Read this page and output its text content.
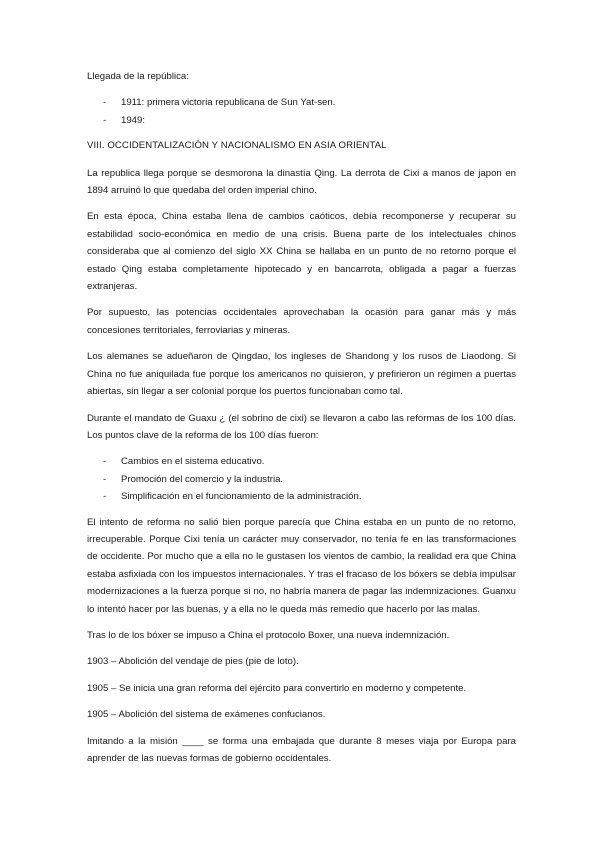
Llegada de la república:

- 1911: primera victoria republicana de Sun Yat-sen.
- 1949:

VIII. OCCIDENTALIZACIÓN Y NACIONALISMO EN ASIA ORIENTAL

La republica llega porque se desmorona la dinastía Qing. La derrota de Cixi a manos de japon en 1894 arruinó lo que quedaba del orden imperial chino.

En esta época, China estaba llena de cambios caóticos, debía recomponerse y recuperar su estabilidad socio-económica en medio de una crisis. Buena parte de los intelectuales chinos consideraba que al comienzo del siglo XX China se hallaba en un punto de no retorno porque el estado Qing estaba completamente hipotecado y en bancarrota, obligada a pagar a fuerzas extranjeras.

Por supuesto, las potencias occidentales aprovechaban la ocasión para ganar más y más concesiones territoriales, ferroviarias y mineras.

Los alemanes se adueñaron de Qingdao, los ingleses de Shandong y los rusos de Liaodong. Si China no fue aniquilada fue porque los americanos no quisieron, y prefirieron un régimen a puertas abiertas, sin llegar a ser colonial porque los puertos funcionaban como tal.

Durante el mandato de Guaxu ¿ (el sobrino de cixi) se llevaron a cabo las reformas de los 100 días. Los puntos clave de la reforma de los 100 días fueron:

- Cambios en el sistema educativo.
- Promoción del comercio y la industria.
- Simplificación en el funcionamiento de la administración.

El intento de reforma no salió bien porque parecía que China estaba en un punto de no retorno, irrecuperable. Porque Cixi tenía un carácter muy conservador, no tenía fe en las transformaciones de occidente. Por mucho que a ella no le gustasen los vientos de cambio, la realidad era que China estaba asfixiada con los impuestos internacionales. Y tras el fracaso de los bóxers se debía impulsar modernizaciones a la fuerza porque si no, no habría manera de pagar las indemnizaciones. Guanxu lo intentó hacer por las buenas, y a ella no le queda más remedio que hacerlo por las malas.

Tras lo de los bóxer se impuso a China el protocolo Boxer, una nueva indemnización.

1903 – Abolición del vendaje de pies (pie de loto).

1905 – Se inicia una gran reforma del ejército para convertirlo en moderno y competente.

1905 – Abolición del sistema de exámenes confucianos.

Imitando a la misión ____ se forma una embajada que durante 8 meses viaja por Europa para aprender de las nuevas formas de gobierno occidentales.
